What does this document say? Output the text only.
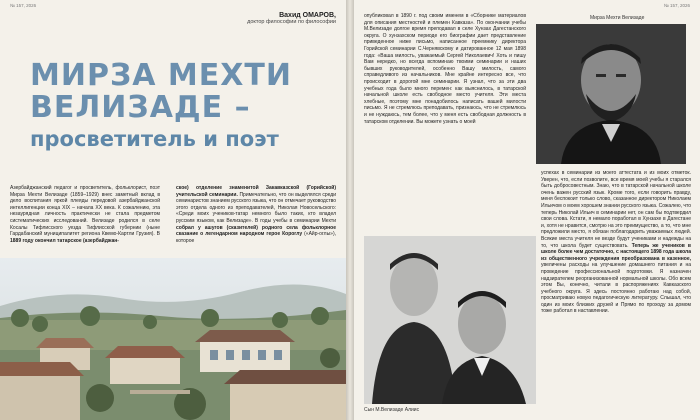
№ 157, 2026
Вахид ОМАРОВ,
доктор философии по философии
МИРЗА МЕХТИ
ВЕЛИЗАДЕ –
просветитель и поэт
Азербайджанский педагог и просветитель, фольклорист, поэт Мирза Мехти Велизаде (1859–1929) внес заметный вклад в дело воспитания яркой плеяды передовой азербайджанской интеллигенции конца XIX – начала XX века. К сожалению, эта незаурядная личность практически не стала предметом систематических исследований. Велизаде родился в селе Косалы Тифлисского уезда Тифлисской губернии (ныне Гардабанский муниципалитет региона Квемо-Картли Грузия). В 1889 году окончил татарское (азербайджан-
ское) отделение знаменитой Закавказской (Горийской) учительской семинарии. Примечательно, что он выделялся среди семинаристов знанием русского языка, что он отмечает руководство этого отдела одного из преподавателей, Николая Новосельского: «Среди моих учеников-татар немного было таких, кто владел русским языком, как Велизаде». В годы учебы в семинарии Мехти собрал у ашугов (сказителей) родного села фольклорное сказание о легендарном народном герое Короглу («Айр-оглы»), которое
№ 157, 2026
опубликовал в 1890 г. под своим именем в «Сборнике материалов для описания местностей и племен Кавказа». По окончании учебы М.Велизаде долгое время преподавал в селе Хунзах Дагестанского округа. О хунзахском периоде его биографии дает представление приведенное ниже письмо, написанное преемнику директора Горийской семинарии С.Чернявскому и датированное 12 мая 1898 года: «Ваша милость, уважаемый Сергей Николаевич! Хоть и пишу Вам нередко, но всегда вспоминаю твоими семинарии и наших бывших руководителей, особенно Вашу милость, самого справедливого из начальников. Мне крайне интересно все, что происходит в дорогой мне семинарии. Я узнал, что за эти два учебных года было много перемен: как выяснилось, в татарской начальной школе есть свободное место учителя. Эти места хлебные, поэтому мне понадобилось написать вашей милости письмо. Я не стремлюсь преподавать, признаюсь, что не стремлюсь и не нуждаюсь, тем более, что у меня есть свободная должность в татарском отделении. Вы можете узнать о моей
Мирза Мехти Велизаде
успехах в семинарии из моего аттестата и из моих отметок. Уверен, что, если позволите, все время моей учебы я старался быть добросовестным. Знаю, что в татарской начальной школе очень важен русский язык. Кроме того, если говорить правду, меня беспокоит только слово, сказанное директором Николаем Ильичом о моем хорошем знании русского языка. Сожалею, что теперь Николай Ильич в семинарии нет, он сам бы подтвердил свои слова. Кстати, я немало поработал в Хунзахе в Дагестане и, хотя не нравится, смотрю на это преимущество, а то, что мне предложили место, я обязан поблагодарить уважаемых людей. Всякие места учителя не везде будут учениками и надежды на то, что школа будет существовать. Теперь же учеников в школе более чем достаточно, с настоящего 1898 года школа из общественного учреждения преобразована в казенное, увеличены расходы на улучшение домашнего питания и на проведение профессиональной подготовки. Я назначен надзирателем реорганизованной нормальной школы. Обо всем этом Вы, конечно, читали в распоряжениях Кавказского учебного округа. Я здесь постоянно работаю над собой, просматриваю новую педагогическую литературу. Слышал, что один из моих близких друзей и Прямо по проходу за домом тоже работал в наставлении.
Сын М.Велизаде Алиис
